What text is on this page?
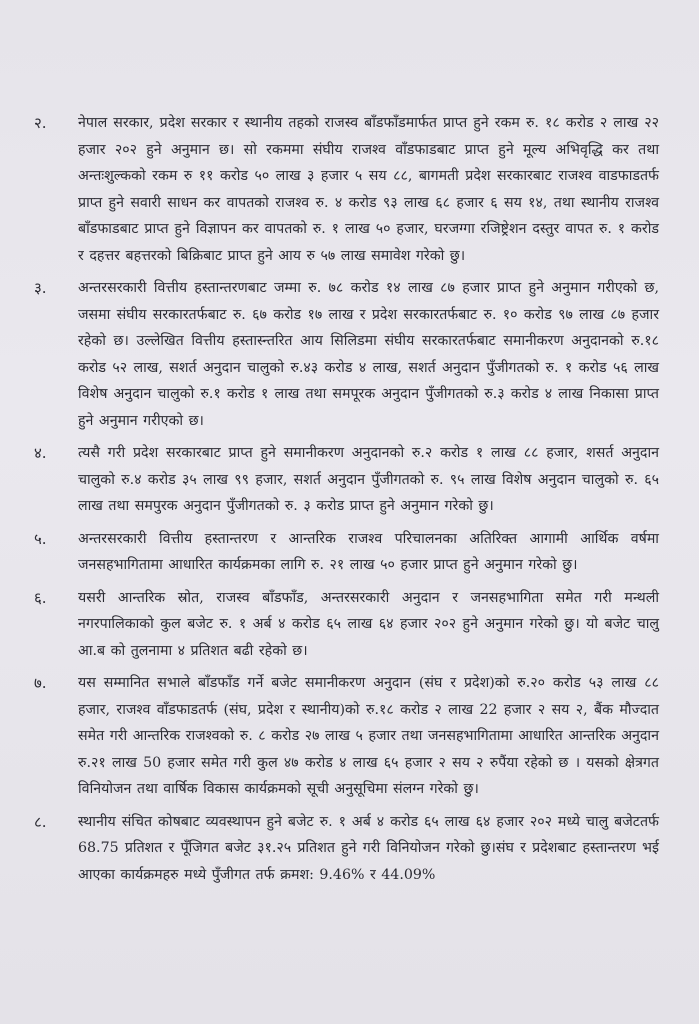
२.	नेपाल सरकार, प्रदेश सरकार र स्थानीय तहको राजस्व बाँडफाँडमार्फत प्राप्त हुने रकम रु. १८ करोड २ लाख २२ हजार २०२ हुने अनुमान छ। सो रकममा संघीय राजश्व वाँडफाडबाट प्राप्त हुने मूल्य अभिवृद्धि कर तथा अन्तःशुल्कको रकम रु ११ करोड ५० लाख ३ हजार ५ सय ८८, बागमती प्रदेश सरकारबाट राजश्व वाडफाडतर्फ प्राप्त हुने सवारी साधन कर वापतको राजश्व रु. ४ करोड ९३ लाख ६८ हजार ६ सय १४, तथा स्थानीय राजश्व बाँडफाडबाट प्राप्त हुने विज्ञापन कर वापतको रु. १ लाख ५० हजार, घरजग्गा रजिष्ट्रेशन दस्तुर वापत रु. १ करोड र दहत्तर बहत्तरको बिक्रिबाट प्राप्त हुने आय रु ५७ लाख समावेश गरेको छु।
३.	अन्तरसरकारी वित्तीय हस्तान्तरणबाट जम्मा रु. ७८ करोड १४ लाख ८७ हजार प्राप्त हुने अनुमान गरीएको छ, जसमा संघीय सरकारतर्फबाट रु. ६७ करोड १७ लाख र प्रदेश सरकारतर्फबाट रु. १० करोड ९७ लाख ८७ हजार रहेको छ। उल्लेखित वित्तीय हस्तास्न्तरित आय सिलिडमा संघीय सरकारतर्फबाट समानीकरण अनुदानको रु.१८ करोड ५२ लाख, सशर्त अनुदान चालुको रु.४३ करोड ४ लाख, सशर्त अनुदान पुँजीगतको रु. १ करोड ५६ लाख विशेष अनुदान चालुको रु.१ करोड १ लाख तथा समपूरक अनुदान पुँजीगतको रु.३ करोड ४ लाख निकासा प्राप्त हुने अनुमान गरीएको छ।
४.	त्यसै गरी प्रदेश सरकारबाट प्राप्त हुने समानीकरण अनुदानको रु.२ करोड १ लाख ८८ हजार, शसर्त अनुदान चालुको रु.४ करोड ३५ लाख ९९ हजार, सशर्त अनुदान पुँजीगतको रु. ९५ लाख विशेष अनुदान चालुको रु. ६५ लाख तथा समपुरक अनुदान पुँजीगतको रु. ३ करोड प्राप्त हुने अनुमान गरेको छु।
५.	अन्तरसरकारी वित्तीय हस्तान्तरण र आन्तरिक राजश्व परिचालनका अतिरिक्त आगामी आर्थिक वर्षमा जनसहभागितामा आधारित कार्यक्रमका लागि रु. २१ लाख ५० हजार प्राप्त हुने अनुमान गरेको छु।
६.	यसरी आन्तरिक स्रोत, राजस्व बाँडफाँड, अन्तरसरकारी अनुदान र जनसहभागिता समेत गरी मन्थली नगरपालिकाको कुल बजेट रु. १ अर्ब ४ करोड ६५ लाख ६४ हजार २०२ हुने अनुमान गरेको छु। यो बजेट चालु आ.ब को तुलनामा ४ प्रतिशत बढी रहेको छ।
७.	यस सम्मानित सभाले बाँडफाँड गर्ने बजेट समानीकरण अनुदान (संघ र प्रदेश)को रु.२० करोड ५३ लाख ८८ हजार, राजश्व वाँडफाडतर्फ (संघ, प्रदेश र स्थानीय)को रु.१८ करोड २ लाख 22 हजार २ सय २, बैंक मौज्दात समेत गरी आन्तरिक राजश्वको रु. ८ करोड २७ लाख ५ हजार तथा जनसहभागितामा आधारित आन्तरिक अनुदान रु.२१ लाख 50 हजार समेत गरी कुल ४७ करोड ४ लाख ६५ हजार २ सय २ रुपैंया रहेको छ । यसको क्षेत्रगत विनियोजन तथा वार्षिक विकास कार्यक्रमको सूची अनुसूचिमा संलग्न गरेको छु।
८.	स्थानीय संचित कोषबाट व्यवस्थापन हुने बजेट रु. १ अर्ब ४ करोड ६५ लाख ६४ हजार २०२ मध्ये चालु बजेटतर्फ 68.75 प्रतिशत र पूँजिगत बजेट ३१.२५ प्रतिशत हुने गरी विनियोजन गरेको छु।संघ र प्रदेशबाट हस्तान्तरण भई आएका कार्यक्रमहरु मध्ये पुँजीगत तर्फ क्रमश: 9.46% र 44.09%
